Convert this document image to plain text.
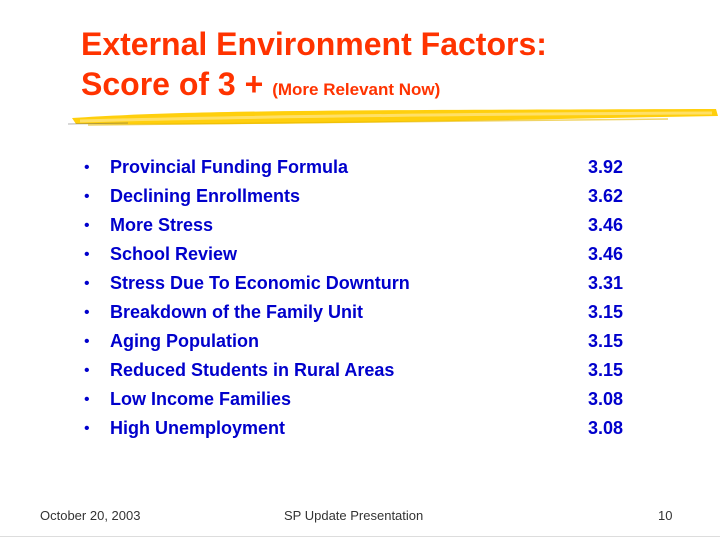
External Environment Factors:
Score of 3 + (More Relevant Now)
• Provincial Funding Formula	3.92
• Declining Enrollments	3.62
• More Stress	3.46
• School Review	3.46
• Stress Due To Economic Downturn	3.31
• Breakdown of the Family Unit	3.15
• Aging Population	3.15
• Reduced Students in Rural Areas	3.15
• Low Income Families	3.08
• High Unemployment	3.08
October 20, 2003	SP Update Presentation	10
